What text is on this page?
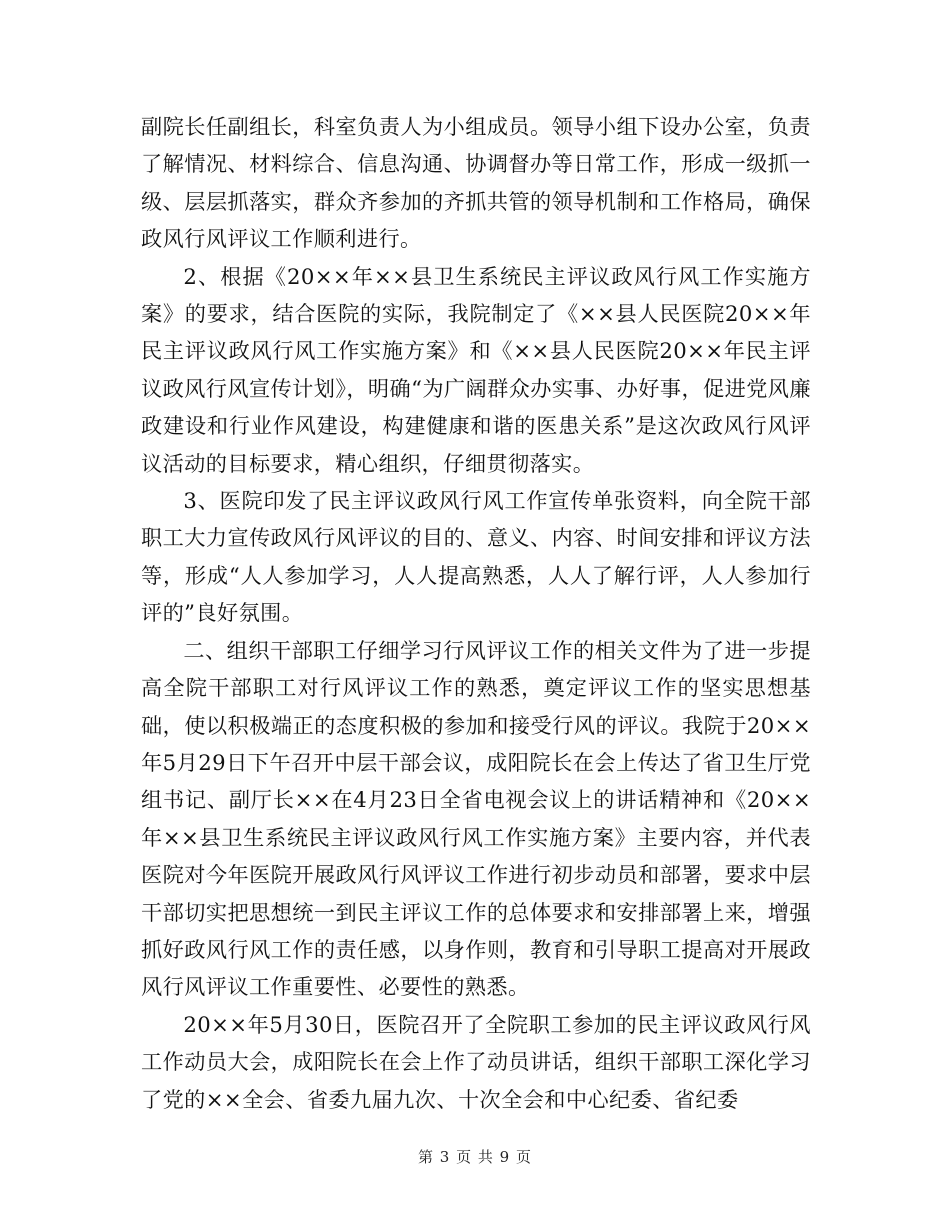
副院长任副组长，科室负责人为小组成员。领导小组下设办公室，负责了解情况、材料综合、信息沟通、协调督办等日常工作，形成一级抓一级、层层抓落实，群众齐参加的齐抓共管的领导机制和工作格局，确保政风行风评议工作顺利进行。

2、根据《20××年××县卫生系统民主评议政风行风工作实施方案》的要求，结合医院的实际，我院制定了《××县人民医院20××年民主评议政风行风工作实施方案》和《××县人民医院20××年民主评议政风行风宣传计划》，明确“为广阔群众办实事、办好事，促进党风廉政建设和行业作风建设，构建健康和谐的医患关系”是这次政风行风评议活动的目标要求，精心组织，仔细贯彻落实。

3、医院印发了民主评议政风行风工作宣传单张资料，向全院干部职工大力宣传政风行风评议的目的、意义、内容、时间安排和评议方法等，形成“人人参加学习，人人提高熟悉，人人了解行评，人人参加行评的”良好氛围。

二、组织干部职工仔细学习行风评议工作的相关文件为了进一步提高全院干部职工对行风评议工作的熟悉，奠定评议工作的坚实思想基础，使以积极端正的态度积极的参加和接受行风的评议。我院于20××年5月29日下午召开中层干部会议，成阳院长在会上传达了省卫生厅党组书记、副厅长××在4月23日全省电视会议上的讲话精神和《20××年××县卫生系统民主评议政风行风工作实施方案》主要内容，并代表医院对今年医院开展政风行风评议工作进行初步动员和部署，要求中层干部切实把思想统一到民主评议工作的总体要求和安排部署上来，增强抓好政风行风工作的责任感，以身作则，教育和引导职工提高对开展政风行风评议工作重要性、必要性的熟悉。

20××年5月30日，医院召开了全院职工参加的民主评议政风行风工作动员大会，成阳院长在会上作了动员讲话，组织干部职工深化学习了党的××全会、省委九届九次、十次全会和中心纪委、省纪委

第 3 页 共 9 页
